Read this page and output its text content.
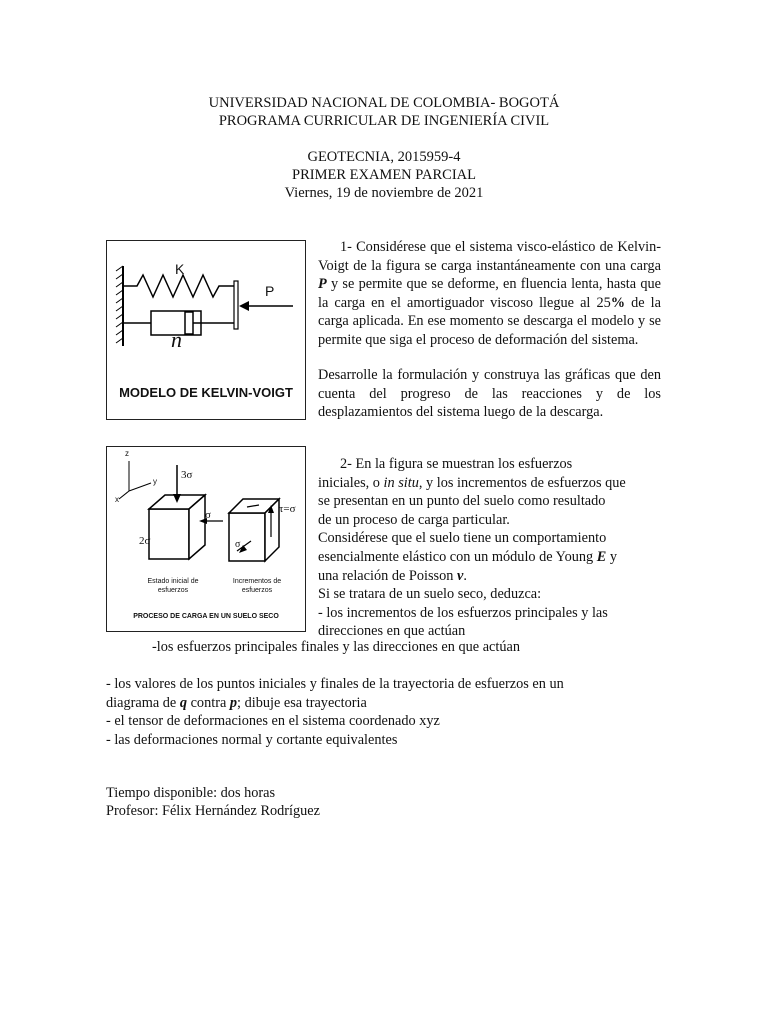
UNIVERSIDAD NACIONAL DE COLOMBIA- BOGOTÁ
PROGRAMA CURRICULAR DE INGENIERÍA CIVIL
GEOTECNIA, 2015959-4
PRIMER EXAMEN PARCIAL
Viernes, 19 de noviembre de 2021
K
P
n
MODELO DE KELVIN-VOIGT
1- Considérese que el sistema visco-elástico de Kelvin-Voigt de la figura se carga instantáneamente con una carga P y se permite que se deforme, en fluencia lenta, hasta que la carga en el amortiguador viscoso llegue al 25% de la carga aplicada. En ese momento se descarga el modelo y se permite que siga el proceso de deformación del sistema.
Desarrolle la formulación y construya las gráficas que den cuenta del progreso de las reacciones y de los desplazamientos del sistema luego de la descarga.
z
y
x
3σ
2σ
σ
σ
τ=σ
Estado inicial de esfuerzos
Incrementos de esfuerzos
PROCESO DE CARGA EN UN SUELO SECO
2- En la figura se muestran los esfuerzos
iniciales, o in situ, y los incrementos de esfuerzos que
se presentan en un punto del suelo como resultado
de un proceso de carga particular.
Considérese que el suelo tiene un comportamiento
esencialmente elástico con un módulo de Young E y
una relación de Poisson ν.
Si se tratara de un suelo seco, deduzca:
- los incrementos de los esfuerzos principales y las
direcciones en que actúan
-los esfuerzos principales finales y las direcciones en que actúan
- los valores de los puntos iniciales y finales de la trayectoria de esfuerzos en un
diagrama de q contra p; dibuje esa trayectoria
- el tensor de deformaciones en el sistema coordenado xyz
- las deformaciones normal y cortante equivalentes
Tiempo disponible: dos horas
Profesor: Félix Hernández Rodríguez
